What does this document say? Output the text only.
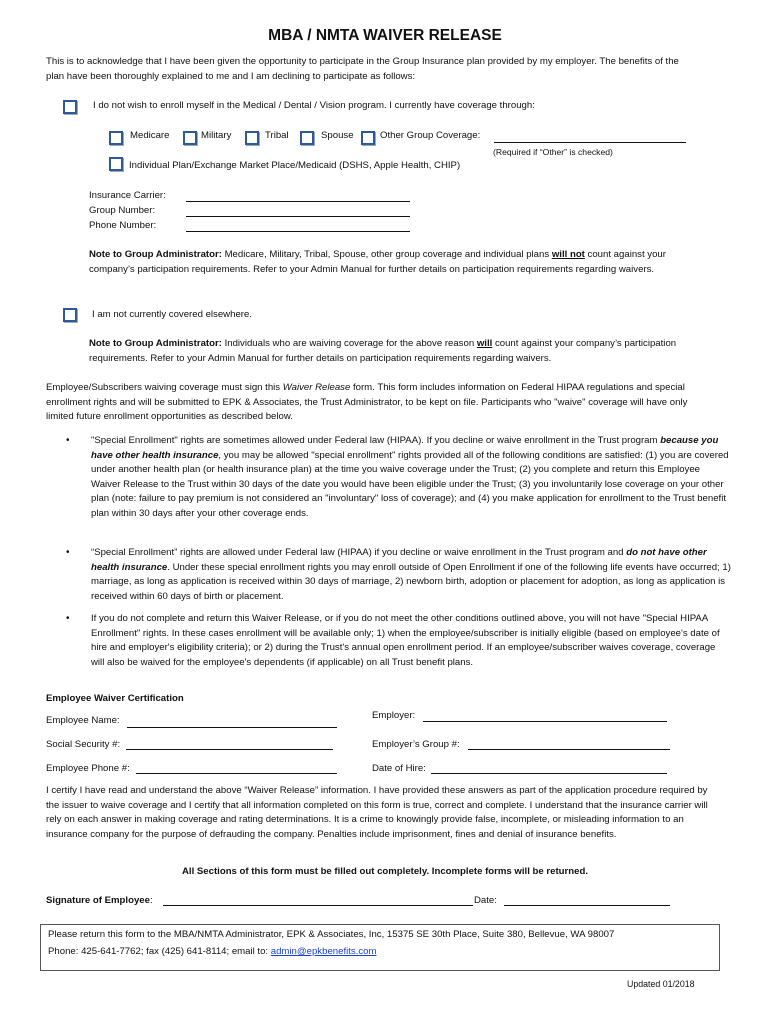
MBA / NMTA WAIVER RELEASE
This is to acknowledge that I have been given the opportunity to participate in the Group Insurance plan provided by my employer. The benefits of the plan have been thoroughly explained to me and I am declining to participate as follows:
I do not wish to enroll myself in the Medical / Dental / Vision program. I currently have coverage through:
Medicare	Military	Tribal	Spouse	Other Group Coverage:
(Required if “Other” is checked)
Individual Plan/Exchange Market Place/Medicaid (DSHS, Apple Health, CHIP)
Insurance Carrier:
Group Number:
Phone Number:
Note to Group Administrator: Medicare, Military, Tribal, Spouse, other group coverage and individual plans will not count against your company’s participation requirements. Refer to your Admin Manual for further details on participation requirements regarding waivers.
I am not currently covered elsewhere.
Note to Group Administrator: Individuals who are waiving coverage for the above reason will count against your company’s participation requirements. Refer to your Admin Manual for further details on participation requirements regarding waivers.
Employee/Subscribers waiving coverage must sign this Waiver Release form. This form includes information on Federal HIPAA regulations and special enrollment rights and will be submitted to EPK & Associates, the Trust Administrator, to be kept on file. Participants who "waive" coverage will have only limited future enrollment opportunities as described below.
• "Special Enrollment" rights are sometimes allowed under Federal law (HIPAA). If you decline or waive enrollment in the Trust program because you have other health insurance, you may be allowed "special enrollment" rights provided all of the following conditions are satisfied: (1) you are covered under another health plan (or health insurance plan) at the time you waive coverage under the Trust; (2) you complete and return this Employee Waiver Release to the Trust within 30 days of the date you would have been eligible under the Trust; (3) you involuntarily lose coverage on your other plan (note: failure to pay premium is not considered an "involuntary" loss of coverage); and (4) you make application for enrollment to the Trust benefit plan within 30 days after your other coverage ends.
• “Special Enrollment” rights are allowed under Federal law (HIPAA) if you decline or waive enrollment in the Trust program and do not have other health insurance. Under these special enrollment rights you may enroll outside of Open Enrollment if one of the following life events have occurred; 1) marriage, as long as application is received within 30 days of marriage, 2) newborn birth, adoption or placement for adoption, as long as application is received within 60 days of birth or placement.
• If you do not complete and return this Waiver Release, or if you do not meet the other conditions outlined above, you will not have "Special HIPAA Enrollment" rights. In these cases enrollment will be available only; 1) when the employee/subscriber is initially eligible (based on employee's date of hire and employer's eligibility criteria); or 2) during the Trust's annual open enrollment period. If an employee/subscriber waives coverage, coverage will also be waived for the employee's dependents (if applicable) on all Trust benefit plans.
Employee Waiver Certification
Employee Name:	Employer:
Social Security #:	Employer’s Group #:
Employee Phone #:	Date of Hire:
I certify I have read and understand the above “Waiver Release” information. I have provided these answers as part of the application procedure required by the issuer to waive coverage and I certify that all information completed on this form is true, correct and complete. I understand that the insurance carrier will rely on each answer in making coverage and rating determinations. It is a crime to knowingly provide false, incomplete, or misleading information to an insurance company for the purpose of defrauding the company. Penalties include imprisonment, fines and denial of insurance benefits.
All Sections of this form must be filled out completely. Incomplete forms will be returned.
Signature of Employee:	Date:
Please return this form to the MBA/NMTA Administrator, EPK & Associates, Inc, 15375 SE 30th Place, Suite 380, Bellevue, WA 98007
Phone: 425-641-7762; fax (425) 641-8114; email to: admin@epkbenefits.com
Updated 01/2018
